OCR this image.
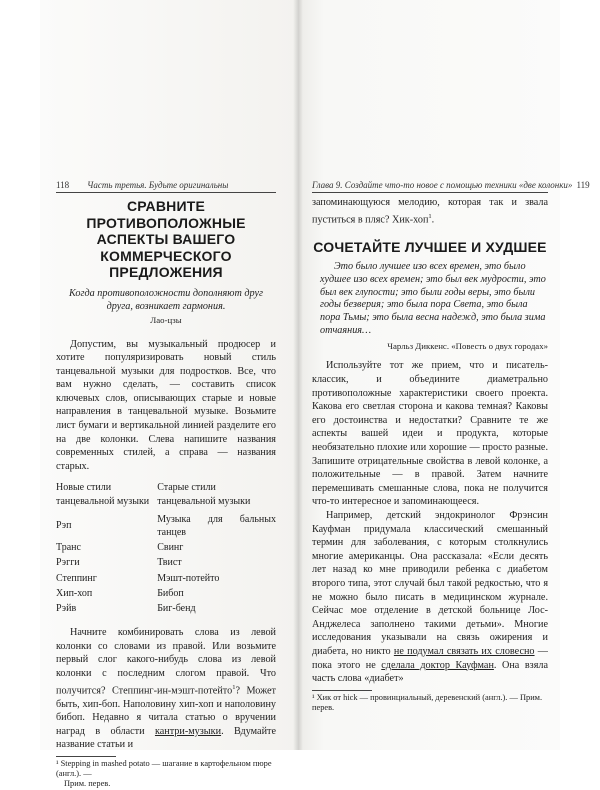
118 Часть третья. Будьте оригинальны	Глава 9. Создайте что-то новое с помощью техники «две колонки» 119
СРАВНИТЕ ПРОТИВОПОЛОЖНЫЕ АСПЕКТЫ ВАШЕГО КОММЕРЧЕСКОГО ПРЕДЛОЖЕНИЯ

Когда противоположности дополняют друг друга, возникает гармония.

Лао-цзы

Допустим, вы музыкальный продюсер и хотите популяризировать новый стиль танцевальной музыки для подростков. Все, что вам нужно сделать, — составить список ключевых слов, описывающих старые и новые направления в танцевальной музыке. Возьмите лист бумаги и вертикальной линией разделите его на две колонки. Слева напишите названия современных стилей, а справа — названия старых.

Новые стили танцевальной музыки	Старые стили танцевальной музыки
Рэп	Музыка для бальных танцев
Транс	Свинг
Рэгги	Твист
Степпинг	Мэшт-потейто
Хип-хоп	Бибоп
Рэйв	Биг-бенд

Начните комбинировать слова из левой колонки со словами из правой. Или возьмите первый слог какого-нибудь слова из левой колонки с последним слогом правой. Что получится? Степпинг-ин-мэшт-потейто$^1$? Может быть, хип-боп. Наполовину хип-хоп и наполовину бибоп. Недавно я читала статью о вручении наград в области кантри-музыки. Вдумайте название статьи и

¹ Stepping in mashed potato — шагание в картофельном пюре (англ.). —

Прим. перев.

запоминающуюся мелодию, которая так и звала пуститься в пляс? Хик-хоп$^1$.

СОЧЕТАЙТЕ ЛУЧШЕЕ И ХУДШЕЕ

Это было лучшее изо всех времен, это было худшее изо всех времен; это был век мудрости, это был век глупости; это были годы веры, это были годы безверия; это была пора Света, это была пора Тьмы; это была весна надежд, это была зима отчаяния…

Чарльз Диккенс. «Повесть о двух городах»

Используйте тот же прием, что и писатель-классик, и объедините диаметрально противоположные характеристики своего проекта. Какова его светлая сторона и какова темная? Каковы его достоинства и недостатки? Сравните те же аспекты вашей идеи и продукта, которые необязательно плохие или хорошие — просто разные. Запишите отрицательные свойства в левой колонке, а положительные — в правой. Затем начните перемешивать смешанные слова, пока не получится что-то интересное и запоминающееся.

Например, детский эндокринолог Фрэнсин Кауфман придумала классический смешанный термин для заболевания, с которым столкнулись многие американцы. Она рассказала: «Если десять лет назад ко мне приводили ребенка с диабетом второго типа, этот случай был такой редкостью, что я не можно было писать в медицинском журнале. Сейчас мое отделение в детской больнице Лос-Анджелеса заполнено такими детьми». Многие исследования указывали на связь ожирения и диабета, но никто не подумал связать их словесно — пока этого не сделала доктор Кауфман. Она взяла часть слова «диабет»

¹ Хик от hick — провинциальный, деревенский (англ.). — Прим. перев.
